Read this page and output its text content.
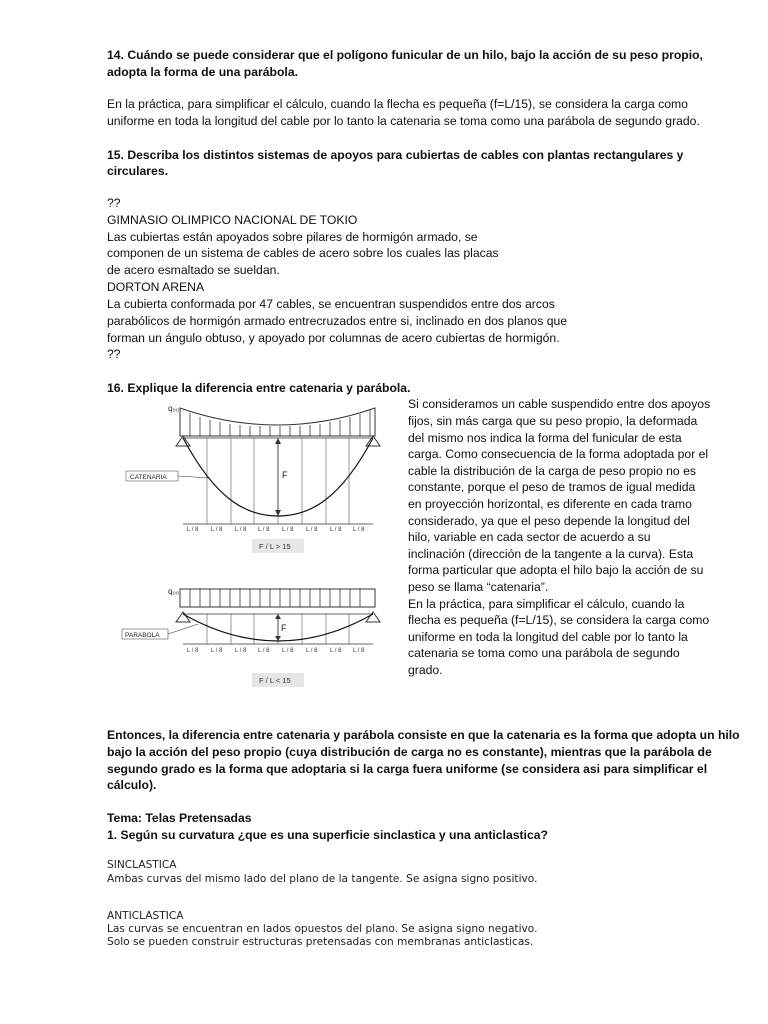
14. Cuándo se puede considerar que el polígono funicular de un hilo, bajo la acción de su peso propio,
adopta la forma de una parábola.
En la práctica, para simplificar el cálculo, cuando la flecha es pequeña (f=L/15), se considera la carga como
uniforme en toda la longitud del cable por lo tanto la catenaria se toma como una parábola de segundo grado.
15. Describa los distintos sistemas de apoyos para cubiertas de cables con plantas rectangulares y
circulares.
??
GIMNASIO OLIMPICO NACIONAL DE TOKIO
Las cubiertas están apoyados sobre pilares de hormigón armado, se
componen de un sistema de cables de acero sobre los cuales las placas
de acero esmaltado se sueldan.
DORTON ARENA
La cubierta conformada por 47 cables, se encuentran suspendidos entre dos arcos
parabólicos de hormigón armado entrecruzados entre si, inclinado en dos planos que
forman un ángulo obtuso, y apoyado por columnas de acero cubiertas de hormigón.
??
16. Explique la diferencia entre catenaria y parábola.
q₀₀
F
CATENARIA
L / 8 L / 8 L / 8 L / 8 L / 8 L / 8 L / 8 L / 8
F / L > 15
q₀₀
F
PARABOLA
L / 8 L / 8 L / 8 L / 8 L / 8 L / 8 L / 8 L / 8
F / L < 15
Si consideramos un cable suspendido entre dos apoyos
fijos, sin más carga que su peso propio, la deformada
del mismo nos indica la forma del funicular de esta
carga. Como consecuencia de la forma adoptada por el
cable la distribución de la carga de peso propio no es
constante, porque el peso de tramos de igual medida
en proyección horizontal, es diferente en cada tramo
considerado, ya que el peso depende la longitud del
hilo, variable en cada sector de acuerdo a su
inclinación (dirección de la tangente a la curva). Esta
forma particular que adopta el hilo bajo la acción de su
peso se llama “catenaria”.
En la práctica, para simplificar el cálculo, cuando la
flecha es pequeña (f=L/15), se considera la carga como
uniforme en toda la longitud del cable por lo tanto la
catenaria se toma como una parábola de segundo
grado.
Entonces, la diferencia entre catenaria y parábola consiste en que la catenaria es la forma que adopta un hilo
bajo la acción del peso propio (cuya distribución de carga no es constante), mientras que la parábola de
segundo grado es la forma que adoptaria si la carga fuera uniforme (se considera asi para simplificar el
cálculo).
Tema: Telas Pretensadas
1. Según su curvatura ¿que es una superficie sinclastica y una anticlastica?
SINCLASTICA
Ambas curvas del mismo lado del plano de la tangente. Se asigna signo positivo.
ANTICLASTICA
Las curvas se encuentran en lados opuestos del plano. Se asigna signo negativo.
Solo se pueden construir estructuras pretensadas con membranas anticlasticas.
